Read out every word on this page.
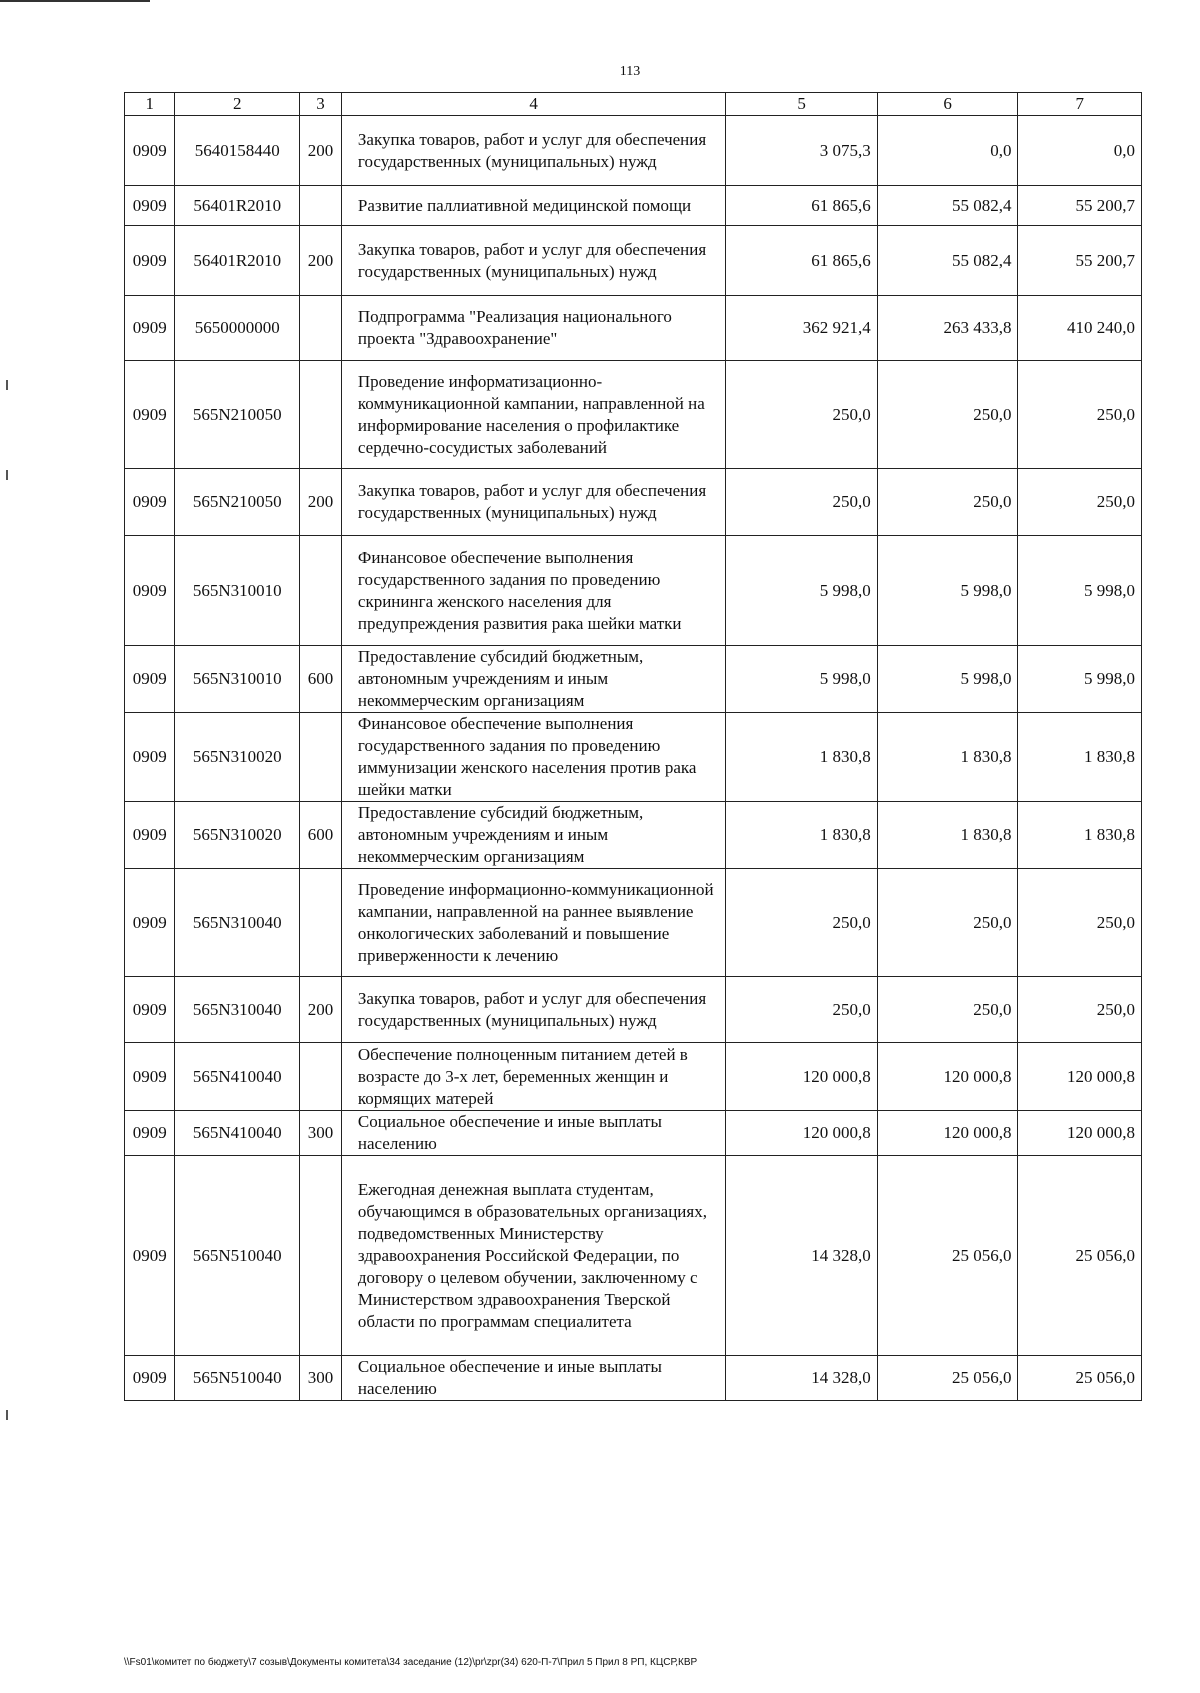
113
1	2	3	4	5	6	7
0909	5640158440	200	Закупка товаров, работ и услуг для обеспечения государственных (муниципальных) нужд	3 075,3	0,0	0,0
0909	56401R2010		Развитие паллиативной медицинской помощи	61 865,6	55 082,4	55 200,7
0909	56401R2010	200	Закупка товаров, работ и услуг для обеспечения государственных (муниципальных) нужд	61 865,6	55 082,4	55 200,7
0909	5650000000		Подпрограмма "Реализация национального проекта "Здравоохранение"	362 921,4	263 433,8	410 240,0
0909	565N210050		Проведение информатизационно-коммуникационной кампании, направленной на информирование населения о профилактике сердечно-сосудистых заболеваний	250,0	250,0	250,0
0909	565N210050	200	Закупка товаров, работ и услуг для обеспечения государственных (муниципальных) нужд	250,0	250,0	250,0
0909	565N310010		Финансовое обеспечение выполнения государственного задания по проведению скрининга женского населения для предупреждения развития рака шейки матки	5 998,0	5 998,0	5 998,0
0909	565N310010	600	Предоставление субсидий бюджетным, автономным учреждениям и иным некоммерческим организациям	5 998,0	5 998,0	5 998,0
0909	565N310020		Финансовое обеспечение выполнения государственного задания по проведению иммунизации женского населения против рака шейки матки	1 830,8	1 830,8	1 830,8
0909	565N310020	600	Предоставление субсидий бюджетным, автономным учреждениям и иным некоммерческим организациям	1 830,8	1 830,8	1 830,8
0909	565N310040		Проведение информационно-коммуникационной кампании, направленной на раннее выявление онкологических заболеваний и повышение приверженности к лечению	250,0	250,0	250,0
0909	565N310040	200	Закупка товаров, работ и услуг для обеспечения государственных (муниципальных) нужд	250,0	250,0	250,0
0909	565N410040		Обеспечение полноценным питанием детей в возрасте до 3-х лет, беременных женщин и кормящих матерей	120 000,8	120 000,8	120 000,8
0909	565N410040	300	Социальное обеспечение и иные выплаты населению	120 000,8	120 000,8	120 000,8
0909	565N510040		Ежегодная денежная выплата студентам, обучающимся в образовательных организациях, подведомственных Министерству здравоохранения Российской Федерации, по договору о целевом обучении, заключенному с Министерством здравоохранения Тверской области по программам специалитета	14 328,0	25 056,0	25 056,0
0909	565N510040	300	Социальное обеспечение и иные выплаты населению	14 328,0	25 056,0	25 056,0
\\Fs01\комитет по бюджету\7 созыв\Документы комитета\34 заседание (12)\pr\zpr(34) 620-П-7\Прил 5 Прил 8 РП, КЦСР,КВР
